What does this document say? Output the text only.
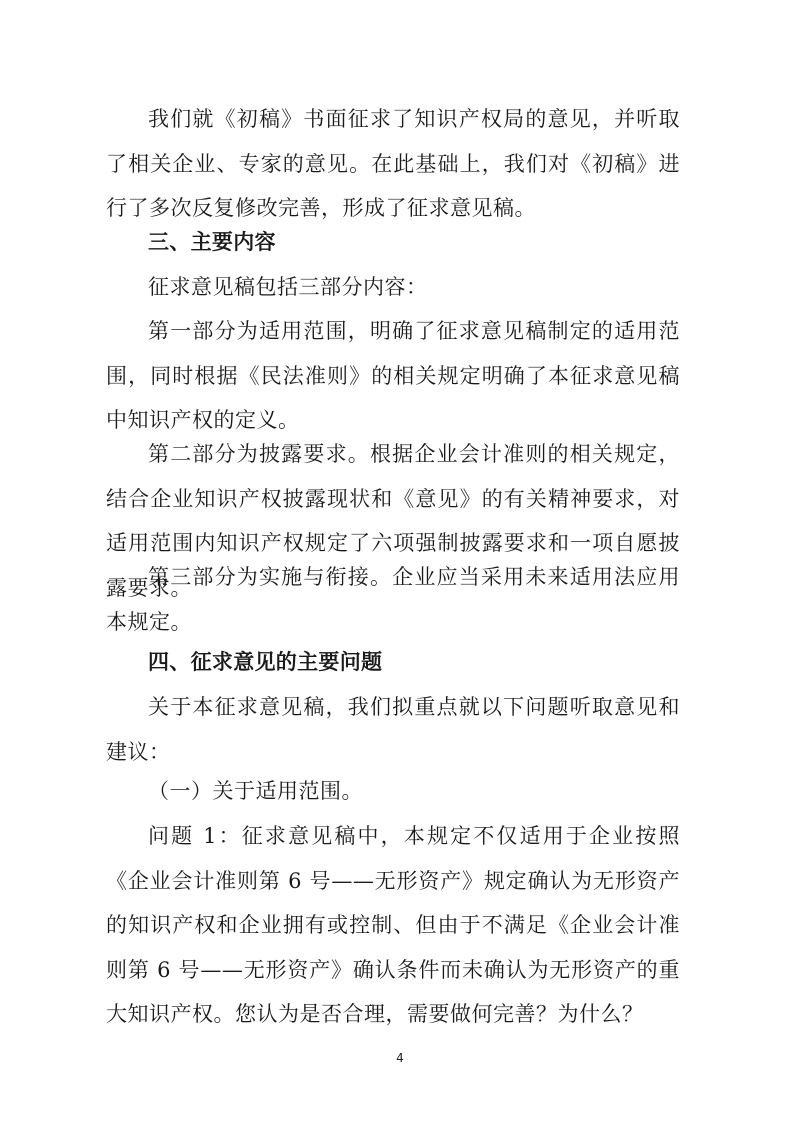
我们就《初稿》书面征求了知识产权局的意见，并听取了相关企业、专家的意见。在此基础上，我们对《初稿》进行了多次反复修改完善，形成了征求意见稿。

三、主要内容

征求意见稿包括三部分内容：

第一部分为适用范围，明确了征求意见稿制定的适用范围，同时根据《民法准则》的相关规定明确了本征求意见稿中知识产权的定义。

第二部分为披露要求。根据企业会计准则的相关规定，结合企业知识产权披露现状和《意见》的有关精神要求，对适用范围内知识产权规定了六项强制披露要求和一项自愿披露要求。

第三部分为实施与衔接。企业应当采用未来适用法应用本规定。

四、征求意见的主要问题

关于本征求意见稿，我们拟重点就以下问题听取意见和建议：

（一）关于适用范围。

问题 1：征求意见稿中，本规定不仅适用于企业按照《企业会计准则第 6 号——无形资产》规定确认为无形资产的知识产权和企业拥有或控制、但由于不满足《企业会计准则第 6 号——无形资产》确认条件而未确认为无形资产的重大知识产权。您认为是否合理，需要做何完善？为什么？

4
